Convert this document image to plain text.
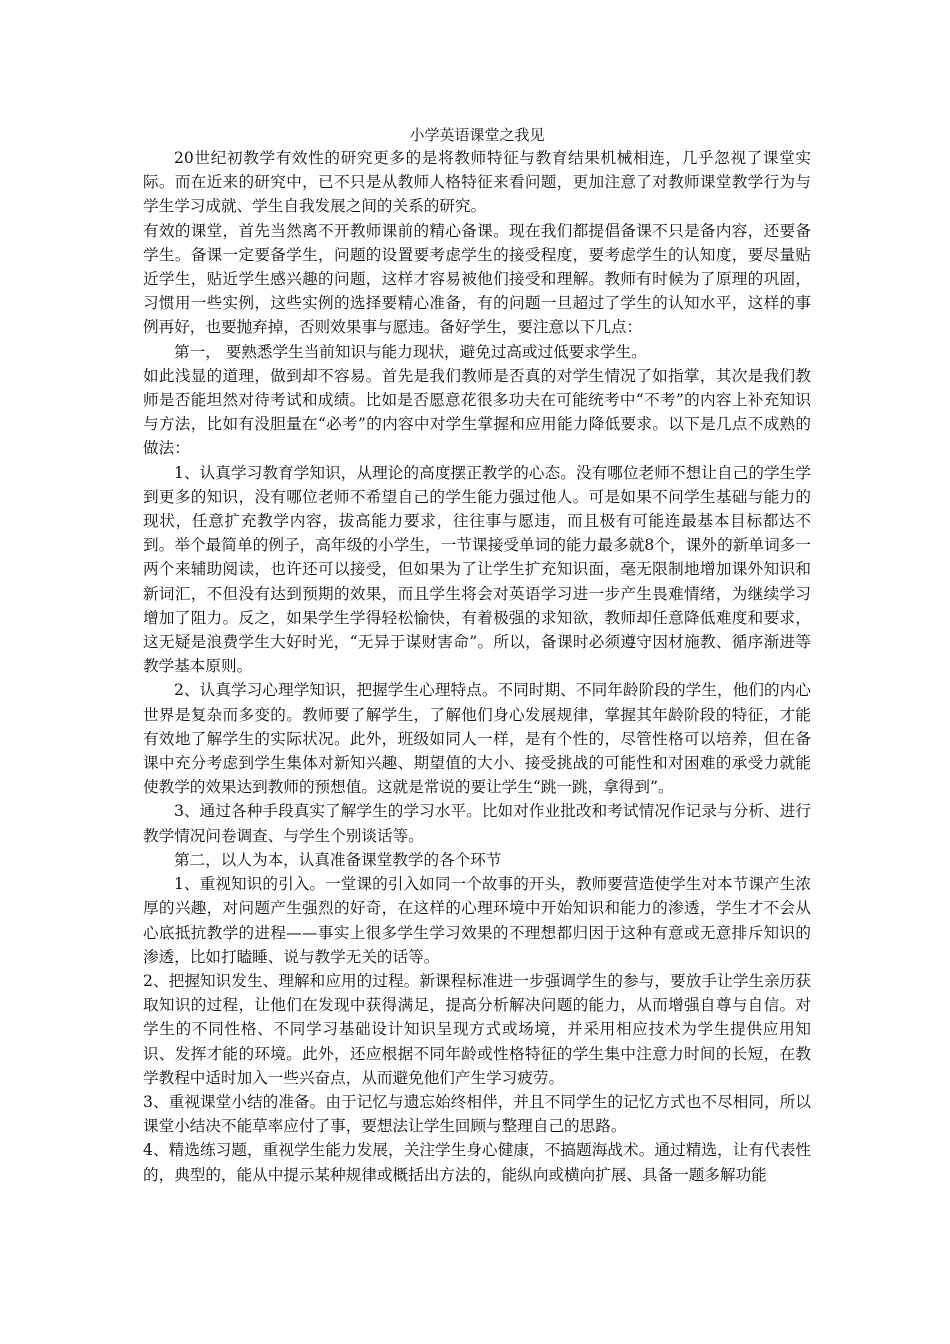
小学英语课堂之我见

20世纪初教学有效性的研究更多的是将教师特征与教育结果机械相连，几乎忽视了课堂实际。而在近来的研究中，已不只是从教师人格特征来看问题，更加注意了对教师课堂教学行为与学生学习成就、学生自我发展之间的关系的研究。

有效的课堂，首先当然离不开教师课前的精心备课。现在我们都提倡备课不只是备内容，还要备学生。备课一定要备学生，问题的设置要考虑学生的接受程度，要考虑学生的认知度，要尽量贴近学生，贴近学生感兴趣的问题，这样才容易被他们接受和理解。教师有时候为了原理的巩固，习惯用一些实例，这些实例的选择要精心准备，有的问题一旦超过了学生的认知水平，这样的事例再好，也要抛弃掉，否则效果事与愿违。备好学生，要注意以下几点：

第一， 要熟悉学生当前知识与能力现状，避免过高或过低要求学生。

如此浅显的道理，做到却不容易。首先是我们教师是否真的对学生情况了如指掌，其次是我们教师是否能坦然对待考试和成绩。比如是否愿意花很多功夫在可能统考中“不考”的内容上补充知识与方法，比如有没胆量在“必考”的内容中对学生掌握和应用能力降低要求。以下是几点不成熟的做法：

1、认真学习教育学知识，从理论的高度摆正教学的心态。没有哪位老师不想让自己的学生学到更多的知识，没有哪位老师不希望自己的学生能力强过他人。可是如果不问学生基础与能力的现状，任意扩充教学内容，拔高能力要求，往往事与愿违，而且极有可能连最基本目标都达不到。举个最简单的例子，高年级的小学生，一节课接受单词的能力最多就8个，课外的新单词多一两个来辅助阅读，也许还可以接受，但如果为了让学生扩充知识面，毫无限制地增加课外知识和新词汇，不但没有达到预期的效果，而且学生将会对英语学习进一步产生畏难情绪，为继续学习增加了阻力。反之，如果学生学得轻松愉快，有着极强的求知欲，教师却任意降低难度和要求，这无疑是浪费学生大好时光，“无异于谋财害命”。所以，备课时必须遵守因材施教、循序渐进等教学基本原则。

2、认真学习心理学知识，把握学生心理特点。不同时期、不同年龄阶段的学生，他们的内心世界是复杂而多变的。教师要了解学生，了解他们身心发展规律，掌握其年龄阶段的特征，才能有效地了解学生的实际状况。此外，班级如同人一样，是有个性的，尽管性格可以培养，但在备课中充分考虑到学生集体对新知兴趣、期望值的大小、接受挑战的可能性和对困难的承受力就能使教学的效果达到教师的预想值。这就是常说的要让学生“跳一跳，拿得到”。

3、通过各种手段真实了解学生的学习水平。比如对作业批改和考试情况作记录与分析、进行教学情况问卷调查、与学生个别谈话等。

第二，以人为本，认真准备课堂教学的各个环节

1、重视知识的引入。一堂课的引入如同一个故事的开头，教师要营造使学生对本节课产生浓厚的兴趣，对问题产生强烈的好奇，在这样的心理环境中开始知识和能力的渗透，学生才不会从心底抵抗教学的进程——事实上很多学生学习效果的不理想都归因于这种有意或无意排斥知识的渗透，比如打瞌睡、说与教学无关的话等。

2、把握知识发生、理解和应用的过程。新课程标准进一步强调学生的参与，要放手让学生亲历获取知识的过程，让他们在发现中获得满足，提高分析解决问题的能力，从而增强自尊与自信。对学生的不同性格、不同学习基础设计知识呈现方式或场境，并采用相应技术为学生提供应用知识、发挥才能的环境。此外，还应根据不同年龄或性格特征的学生集中注意力时间的长短，在教学教程中适时加入一些兴奋点，从而避免他们产生学习疲劳。

3、重视课堂小结的准备。由于记忆与遗忘始终相伴，并且不同学生的记忆方式也不尽相同，所以课堂小结决不能草率应付了事，要想法让学生回顾与整理自己的思路。

4、精选练习题，重视学生能力发展，关注学生身心健康，不搞题海战术。通过精选，让有代表性的，典型的，能从中提示某种规律或概括出方法的，能纵向或横向扩展、具备一题多解功能
